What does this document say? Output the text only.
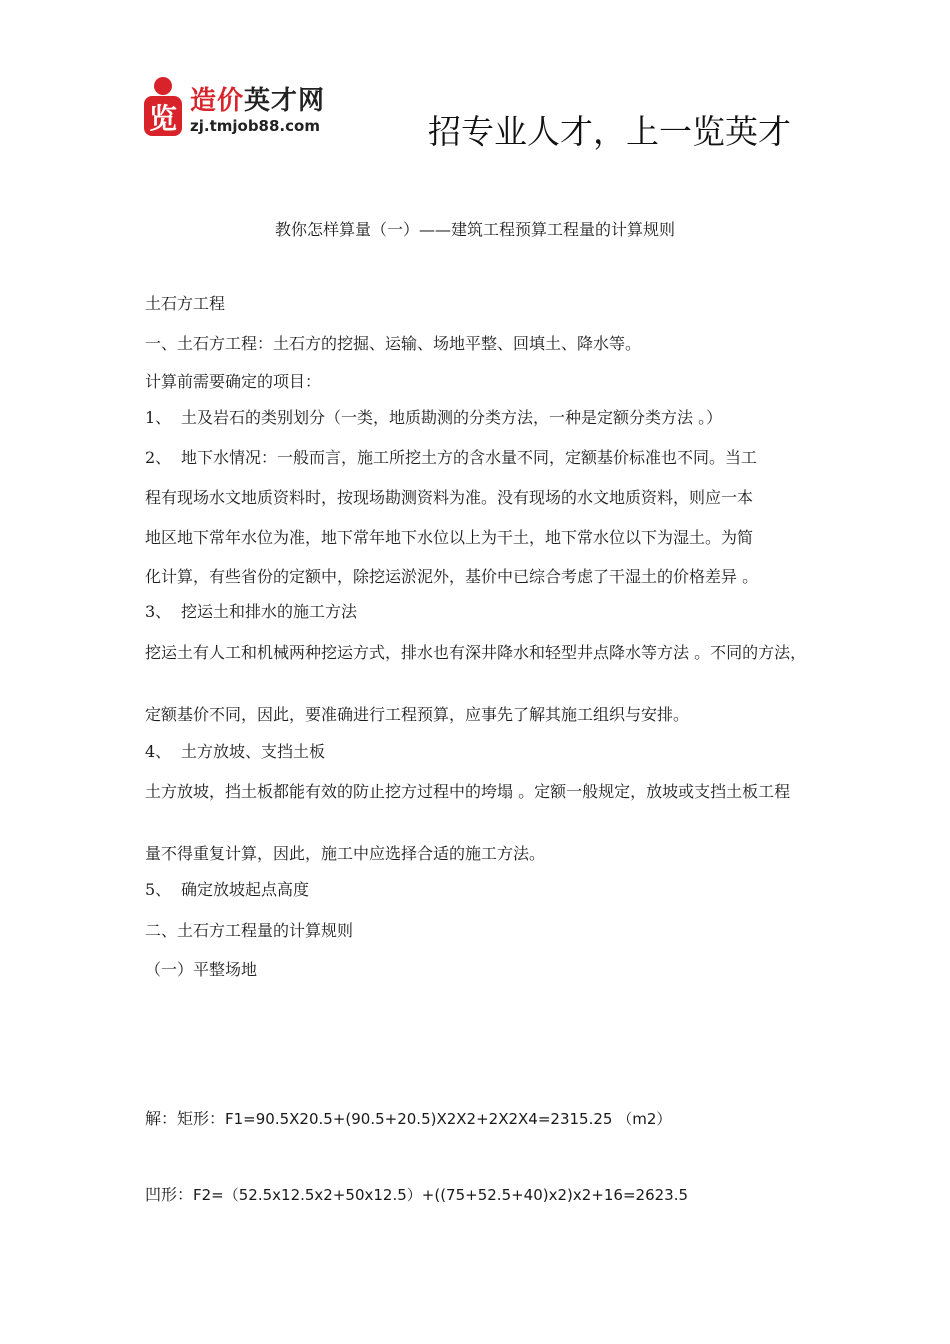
览
造价英才网
zj.tmjob88.com	招专业人才，上一览英才
教你怎样算量（一）——建筑工程预算工程量的计算规则
土石方工程
一、土石方工程：土石方的挖掘、运输、场地平整、回填土、降水等。
计算前需要确定的项目：
1、 土及岩石的类别划分（一类，地质勘测的分类方法，一种是定额分类方法 。）
2、 地下水情况：一般而言，施工所挖土方的含水量不同，定额基价标准也不同。当工
程有现场水文地质资料时，按现场勘测资料为准。没有现场的水文地质资料，则应一本
地区地下常年水位为准，地下常年地下水位以上为干土，地下常水位以下为湿土。为简
化计算，有些省份的定额中，除挖运淤泥外，基价中已综合考虑了干湿土的价格差异 。
3、 挖运土和排水的施工方法
挖运土有人工和机械两种挖运方式，排水也有深井降水和轻型井点降水等方法 。不同的方法，
定额基价不同，因此，要准确进行工程预算，应事先了解其施工组织与安排。
4、 土方放坡、支挡土板
土方放坡，挡土板都能有效的防止挖方过程中的垮塌 。定额一般规定，放坡或支挡土板工程
量不得重复计算，因此，施工中应选择合适的施工方法。
5、 确定放坡起点高度
二、土石方工程量的计算规则
（一）平整场地
解：矩形：F1=90.5X20.5+(90.5+20.5)X2X2+2X2X4=2315.25 （m2）
凹形：F2=（52.5x12.5x2+50x12.5）+((75+52.5+40)x2)x2+16=2623.5
